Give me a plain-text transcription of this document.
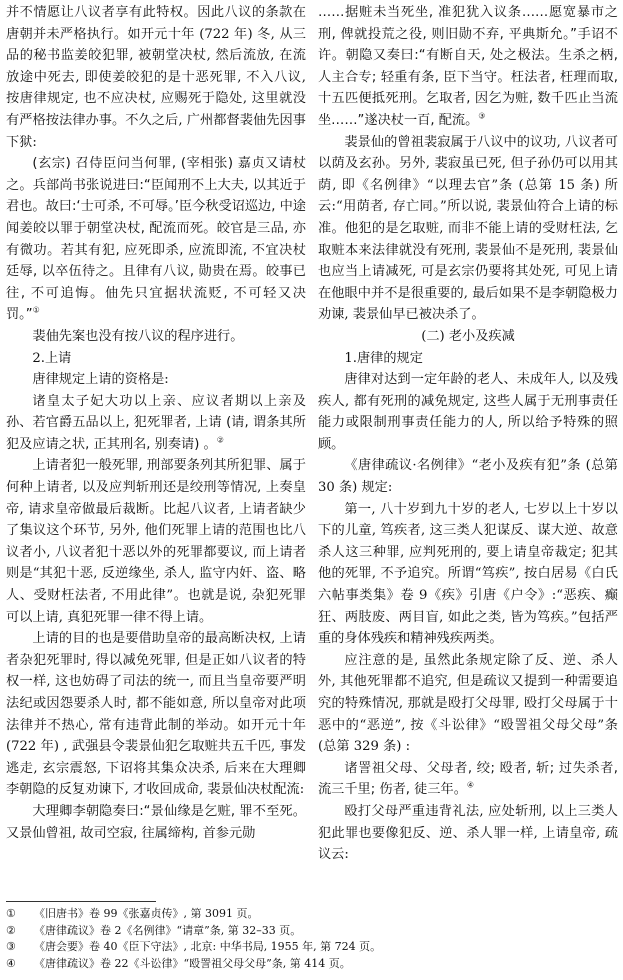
并不情愿让八议者享有此特权。因此八议的条款在唐朝并未严格执行。如开元十年 (722 年) 冬, 从三品的秘书监姜皎犯罪, 被朝堂决杖, 然后流放, 在流放途中死去, 即使姜皎犯的是十恶死罪, 不入八议, 按唐律规定, 也不应决杖, 应赐死于隐处, 这里就没有严格按法律办事。不久之后, 广州都督裴伷先因事下狱:

(玄宗) 召侍臣问当何罪, (宰相张) 嘉贞又请杖之。兵部尚书张说进曰:“臣闻刑不上大夫, 以其近于君也。故曰:‘士可杀, 不可辱。’臣今秋受诏巡边, 中途闻姜皎以罪于朝堂决杖, 配流而死。皎官是三品, 亦有微功。若其有犯, 应死即杀, 应流即流, 不宜决杖廷辱, 以卒伍待之。且律有八议, 勋贵在焉。皎事已往, 不可追悔。伷先只宜据状流贬, 不可轻又决罚。”①

裴伷先案也没有按八议的程序进行。

2.上请

唐律规定上请的资格是:

诸皇太子妃大功以上亲、应议者期以上亲及孙、若官爵五品以上, 犯死罪者, 上请 (请, 谓条其所犯及应请之状, 正其刑名, 别奏请) 。②

上请者犯一般死罪, 刑部要条列其所犯罪、属于何种上请者, 以及应判斩刑还是绞刑等情况, 上奏皇帝, 请求皇帝做最后裁断。比起八议者, 上请者缺少了集议这个环节, 另外, 他们死罪上请的范围也比八议者小, 八议者犯十恶以外的死罪都要议, 而上请者则是“其犯十恶, 反逆缘坐, 杀人, 监守内奸、盗、略人、受财枉法者, 不用此律”。也就是说, 杂犯死罪可以上请, 真犯死罪一律不得上请。

上请的目的也是要借助皇帝的最高断决权, 上请者杂犯死罪时, 得以减免死罪, 但是正如八议者的特权一样, 这也妨碍了司法的统一, 而且当皇帝要严明法纪或因怨要杀人时, 都不能如意, 所以皇帝对此项法律并不热心, 常有违背此制的举动。如开元十年 (722 年) , 武强县令裴景仙犯乞取赃共五千匹, 事发逃走, 玄宗震怒, 下诏将其集众决杀, 后来在大理卿李朝隐的反复劝谏下, 才收回成命, 裴景仙决杖配流:

大理卿李朝隐奏曰:“景仙缘是乞赃, 罪不至死。又景仙曾祖, 故司空寂, 往属缔构, 首参元勋

……据赃未当死坐, 准犯犹入议条……愿宽暴市之刑, 俾就投荒之役, 则旧勋不弃, 平典斯允。”手诏不许。朝隐又奏曰:“有断自天, 处之极法。生杀之柄, 人主合专; 轻重有条, 臣下当守。枉法者, 枉理而取, 十五匹便抵死刑。乞取者, 因乞为赃, 数千匹止当流坐……”遂决杖一百, 配流。③

裴景仙的曾祖裴寂属于八议中的议功, 八议者可以荫及玄孙。另外, 裴寂虽已死, 但子孙仍可以用其荫, 即《名例律》“以理去官”条 (总第 15 条) 所云:“用荫者, 存亡同。”所以说, 裴景仙符合上请的标准。他犯的是乞取赃, 而非不能上请的受财枉法, 乞取赃本来法律就没有死刑, 裴景仙不是死刑, 裴景仙也应当上请减死, 可是玄宗仍要将其处死, 可见上请在他眼中并不是很重要的, 最后如果不是李朝隐极力劝谏, 裴景仙早已被决杀了。

(二) 老小及疾减

1.唐律的规定

唐律对达到一定年龄的老人、未成年人, 以及残疾人, 都有死刑的减免规定, 这些人属于无刑事责任能力或限制刑事责任能力的人, 所以给予特殊的照顾。

《唐律疏议·名例律》“老小及疾有犯”条 (总第 30 条) 规定:

第一, 八十岁到九十岁的老人, 七岁以上十岁以下的儿童, 笃疾者, 这三类人犯谋反、谋大逆、故意杀人这三种罪, 应判死刑的, 要上请皇帝裁定; 犯其他的死罪, 不予追究。所谓“笃疾”, 按白居易《白氏六帖事类集》卷 9《疾》引唐《户令》:“恶疾、癫狂、两肢废、两目盲, 如此之类, 皆为笃疾。”包括严重的身体残疾和精神残疾两类。

应注意的是, 虽然此条规定除了反、逆、杀人外, 其他死罪都不追究, 但是疏议又提到一种需要追究的特殊情况, 那就是殴打父母罪, 殴打父母属于十恶中的“恶逆”, 按《斗讼律》“殴詈祖父母父母”条 (总第 329 条) :

诸詈祖父母、父母者, 绞; 殴者, 斩; 过失杀者, 流三千里; 伤者, 徒三年。④

殴打父母严重违背礼法, 应处斩刑, 以上三类人犯此罪也要像犯反、逆、杀人罪一样, 上请皇帝, 疏议云:

① 《旧唐书》卷 99《张嘉贞传》, 第 3091 页。
② 《唐律疏议》卷 2《名例律》“请章”条, 第 32–33 页。
③ 《唐会要》卷 40《臣下守法》, 北京: 中华书局, 1955 年, 第 724 页。
④ 《唐律疏议》卷 22《斗讼律》“殴詈祖父母父母”条, 第 414 页。
